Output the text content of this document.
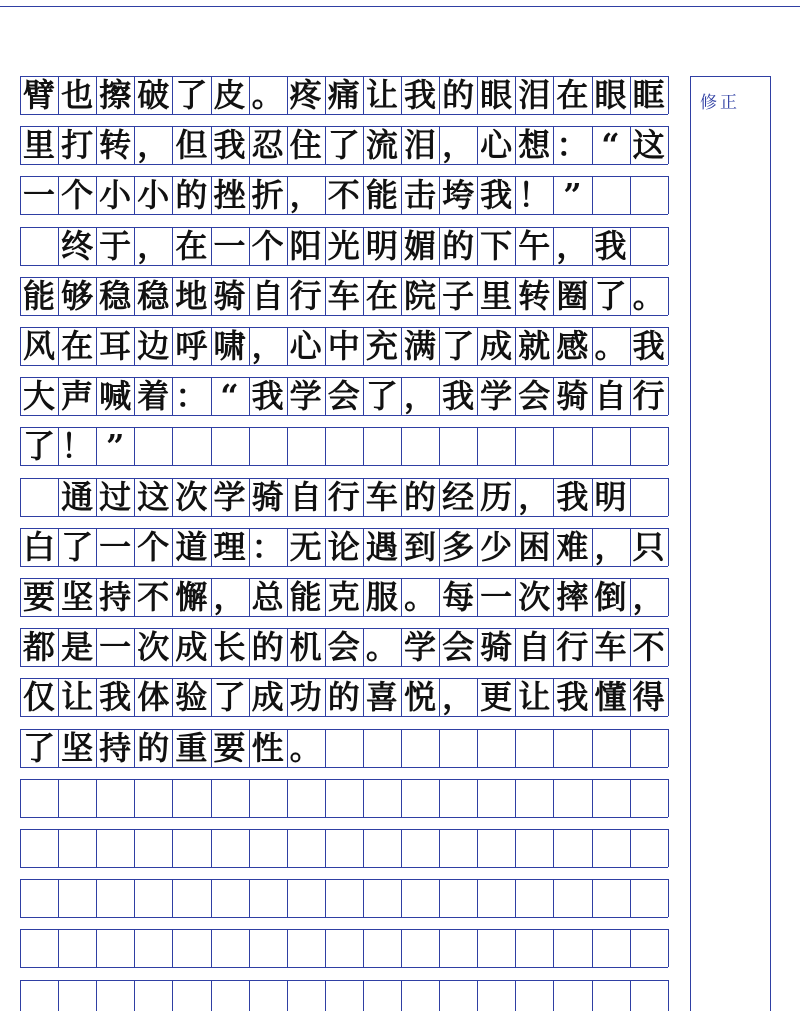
臂 也 擦 破 了 皮 。 疼 痛 让 我 的 眼 泪 在 眼 眶
里 打 转 ， 但 我 忍 住 了 流 泪 ， 心 想 ： “ 这
一 个 小 小 的 挫 折 ， 不 能 击 垮 我 ！ ”
终 于 ， 在 一 个 阳 光 明 媚 的 下 午 ， 我
能 够 稳 稳 地 骑 自 行 车 在 院 子 里 转 圈 了 。
风 在 耳 边 呼 啸 ， 心 中 充 满 了 成 就 感 。 我
大 声 喊 着 ： “ 我 学 会 了 ， 我 学 会 骑 自 行
了 ！ ”
通 过 这 次 学 骑 自 行 车 的 经 历 ， 我 明
白 了 一 个 道 理 ： 无 论 遇 到 多 少 困 难 ， 只
要 坚 持 不 懈 ， 总 能 克 服 。 每 一 次 摔 倒 ，
都 是 一 次 成 长 的 机 会 。 学 会 骑 自 行 车 不
仅 让 我 体 验 了 成 功 的 喜 悦 ， 更 让 我 懂 得
了 坚 持 的 重 要 性 。
修正
